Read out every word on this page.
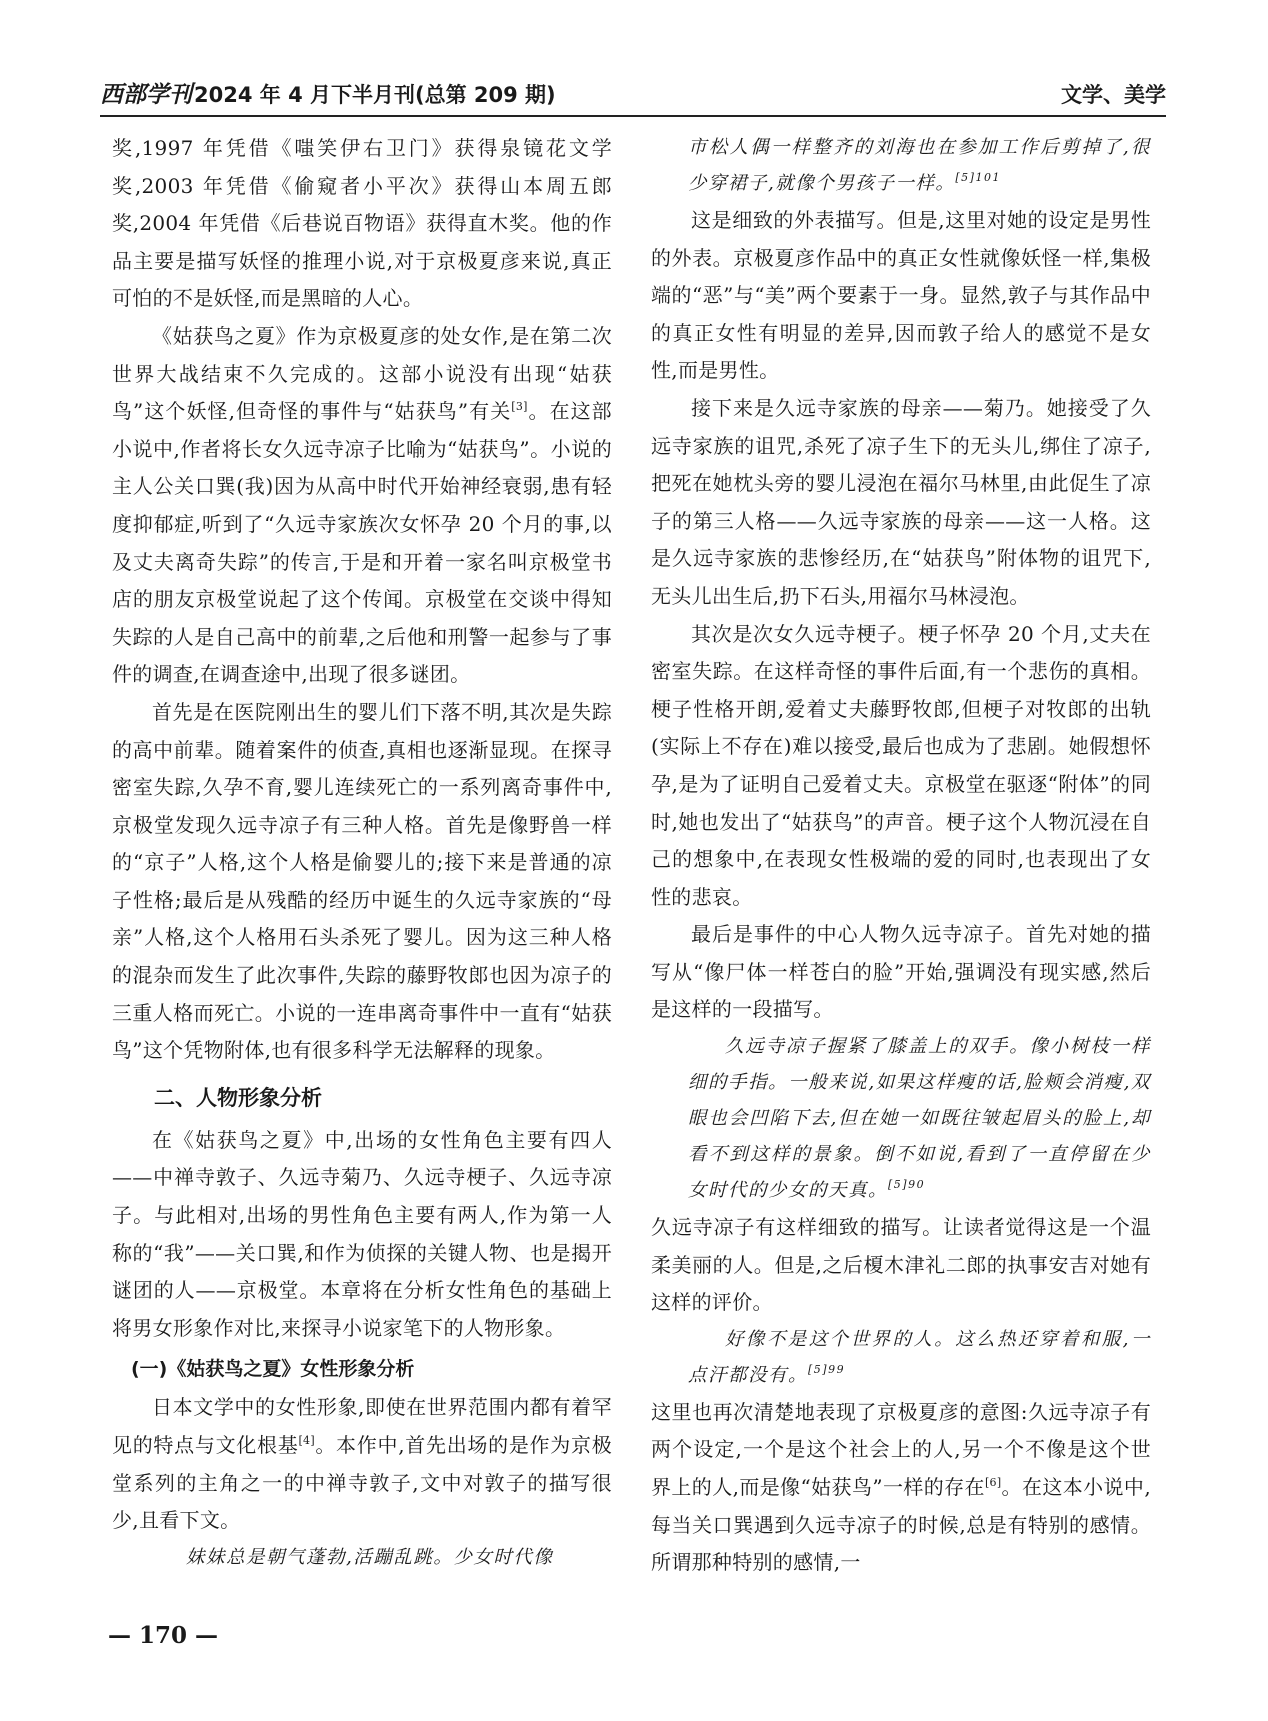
西部学刊2024 年 4 月下半月刊(总第 209 期)	文学、美学

奖,1997 年凭借《嗤笑伊右卫门》获得泉镜花文学奖,2003 年凭借《偷窥者小平次》获得山本周五郎奖,2004 年凭借《后巷说百物语》获得直木奖。他的作品主要是描写妖怪的推理小说,对于京极夏彦来说,真正可怕的不是妖怪,而是黑暗的人心。

《姑获鸟之夏》作为京极夏彦的处女作,是在第二次世界大战结束不久完成的。这部小说没有出现“姑获鸟”这个妖怪,但奇怪的事件与“姑获鸟”有关[3]。在这部小说中,作者将长女久远寺凉子比喻为“姑获鸟”。小说的主人公关口巽(我)因为从高中时代开始神经衰弱,患有轻度抑郁症,听到了“久远寺家族次女怀孕 20 个月的事,以及丈夫离奇失踪”的传言,于是和开着一家名叫京极堂书店的朋友京极堂说起了这个传闻。京极堂在交谈中得知失踪的人是自己高中的前辈,之后他和刑警一起参与了事件的调查,在调查途中,出现了很多谜团。

首先是在医院刚出生的婴儿们下落不明,其次是失踪的高中前辈。随着案件的侦查,真相也逐渐显现。在探寻密室失踪,久孕不育,婴儿连续死亡的一系列离奇事件中,京极堂发现久远寺凉子有三种人格。首先是像野兽一样的“京子”人格,这个人格是偷婴儿的;接下来是普通的凉子性格;最后是从残酷的经历中诞生的久远寺家族的“母亲”人格,这个人格用石头杀死了婴儿。因为这三种人格的混杂而发生了此次事件,失踪的藤野牧郎也因为凉子的三重人格而死亡。小说的一连串离奇事件中一直有“姑获鸟”这个凭物附体,也有很多科学无法解释的现象。

二、人物形象分析

在《姑获鸟之夏》中,出场的女性角色主要有四人——中禅寺敦子、久远寺菊乃、久远寺梗子、久远寺凉子。与此相对,出场的男性角色主要有两人,作为第一人称的“我”——关口巽,和作为侦探的关键人物、也是揭开谜团的人——京极堂。本章将在分析女性角色的基础上将男女形象作对比,来探寻小说家笔下的人物形象。

(一)《姑获鸟之夏》女性形象分析

日本文学中的女性形象,即使在世界范围内都有着罕见的特点与文化根基[4]。本作中,首先出场的是作为京极堂系列的主角之一的中禅寺敦子,文中对敦子的描写很少,且看下文。

妹妹总是朝气蓬勃,活蹦乱跳。少女时代像

市松人偶一样整齐的刘海也在参加工作后剪掉了,很少穿裙子,就像个男孩子一样。$^{[5]101}$

这是细致的外表描写。但是,这里对她的设定是男性的外表。京极夏彦作品中的真正女性就像妖怪一样,集极端的“恶”与“美”两个要素于一身。显然,敦子与其作品中的真正女性有明显的差异,因而敦子给人的感觉不是女性,而是男性。

接下来是久远寺家族的母亲——菊乃。她接受了久远寺家族的诅咒,杀死了凉子生下的无头儿,绑住了凉子,把死在她枕头旁的婴儿浸泡在福尔马林里,由此促生了凉子的第三人格——久远寺家族的母亲——这一人格。这是久远寺家族的悲惨经历,在“姑获鸟”附体物的诅咒下,无头儿出生后,扔下石头,用福尔马林浸泡。

其次是次女久远寺梗子。梗子怀孕 20 个月,丈夫在密室失踪。在这样奇怪的事件后面,有一个悲伤的真相。梗子性格开朗,爱着丈夫藤野牧郎,但梗子对牧郎的出轨(实际上不存在)难以接受,最后也成为了悲剧。她假想怀孕,是为了证明自己爱着丈夫。京极堂在驱逐“附体”的同时,她也发出了“姑获鸟”的声音。梗子这个人物沉浸在自己的想象中,在表现女性极端的爱的同时,也表现出了女性的悲哀。

最后是事件的中心人物久远寺凉子。首先对她的描写从“像尸体一样苍白的脸”开始,强调没有现实感,然后是这样的一段描写。

久远寺凉子握紧了膝盖上的双手。像小树枝一样细的手指。一般来说,如果这样瘦的话,脸颊会消瘦,双眼也会凹陷下去,但在她一如既往皱起眉头的脸上,却看不到这样的景象。倒不如说,看到了一直停留在少女时代的少女的天真。$^{[5]90}$

久远寺凉子有这样细致的描写。让读者觉得这是一个温柔美丽的人。但是,之后榎木津礼二郎的执事安吉对她有这样的评价。

好像不是这个世界的人。这么热还穿着和服,一点汗都没有。$^{[5]99}$

这里也再次清楚地表现了京极夏彦的意图:久远寺凉子有两个设定,一个是这个社会上的人,另一个不像是这个世界上的人,而是像“姑获鸟”一样的存在[6]。在这本小说中,每当关口巽遇到久远寺凉子的时候,总是有特别的感情。所谓那种特别的感情,一

— 170 —
